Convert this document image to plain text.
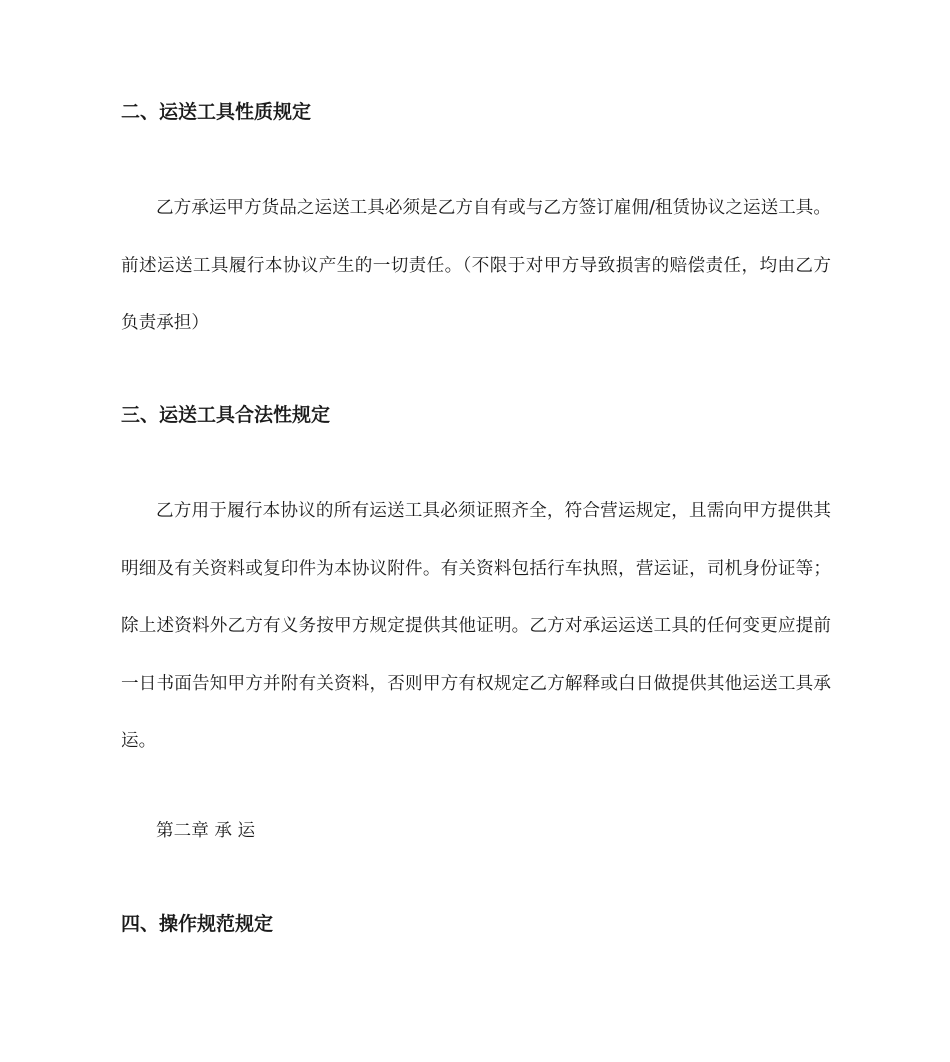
二、运送工具性质规定

乙方承运甲方货品之运送工具必须是乙方自有或与乙方签订雇佣/租赁协议之运送工具。前述运送工具履行本协议产生的一切责任。（不限于对甲方导致损害的赔偿责任，均由乙方负责承担）

三、运送工具合法性规定

乙方用于履行本协议的所有运送工具必须证照齐全，符合营运规定，且需向甲方提供其明细及有关资料或复印件为本协议附件。有关资料包括行车执照，营运证，司机身份证等；除上述资料外乙方有义务按甲方规定提供其他证明。乙方对承运运送工具的任何变更应提前一日书面告知甲方并附有关资料，否则甲方有权规定乙方解释或白日做提供其他运送工具承运。

第二章 承 运
四、操作规范规定
